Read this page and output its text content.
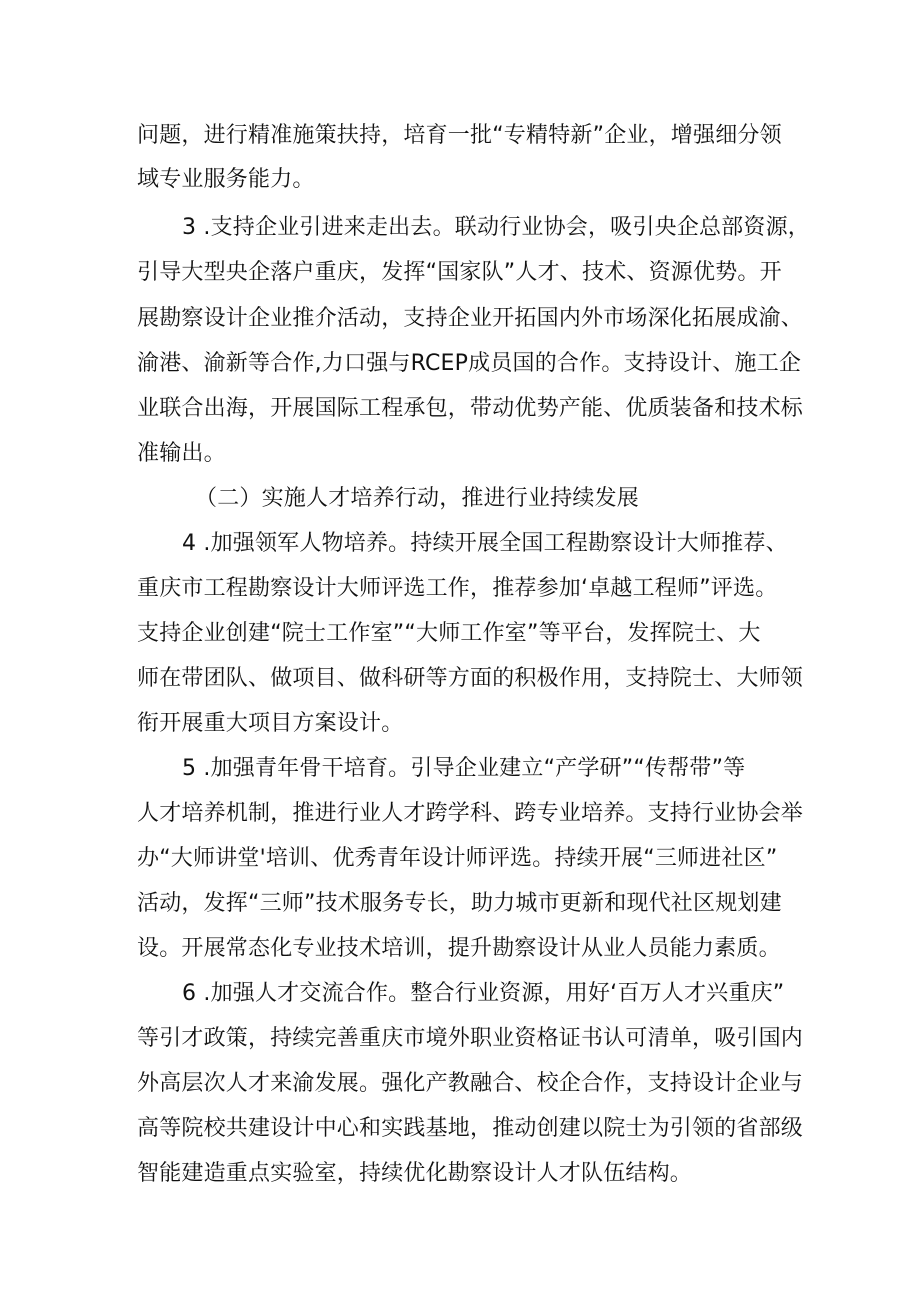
问题，进行精准施策扶持，培育一批“专精特新”企业，增强细分领
域专业服务能力。
3 .支持企业引进来走出去。联动行业协会，吸引央企总部资源，
引导大型央企落户重庆，发挥“国家队”人才、技术、资源优势。开
展勘察设计企业推介活动，支持企业开拓国内外市场深化拓展成渝、
渝港、渝新等合作,力口强与RCEP成员国的合作。支持设计、施工企
业联合出海，开展国际工程承包，带动优势产能、优质装备和技术标
准输出。
（二）实施人才培养行动，推进行业持续发展
4 .加强领军人物培养。持续开展全国工程勘察设计大师推荐、
重庆市工程勘察设计大师评选工作，推荐参加‘卓越工程师”评选。
支持企业创建“院士工作室”“大师工作室”等平台，发挥院士、大
师在带团队、做项目、做科研等方面的积极作用，支持院士、大师领
衔开展重大项目方案设计。
5 .加强青年骨干培育。引导企业建立“产学研”“传帮带”等
人才培养机制，推进行业人才跨学科、跨专业培养。支持行业协会举
办“大师讲堂'培训、优秀青年设计师评选。持续开展“三师进社区”
活动，发挥“三师”技术服务专长，助力城市更新和现代社区规划建
设。开展常态化专业技术培训，提升勘察设计从业人员能力素质。
6 .加强人才交流合作。整合行业资源，用好‘百万人才兴重庆”
等引才政策，持续完善重庆市境外职业资格证书认可清单，吸引国内
外高层次人才来渝发展。强化产教融合、校企合作，支持设计企业与
高等院校共建设计中心和实践基地，推动创建以院士为引领的省部级
智能建造重点实验室，持续优化勘察设计人才队伍结构。
